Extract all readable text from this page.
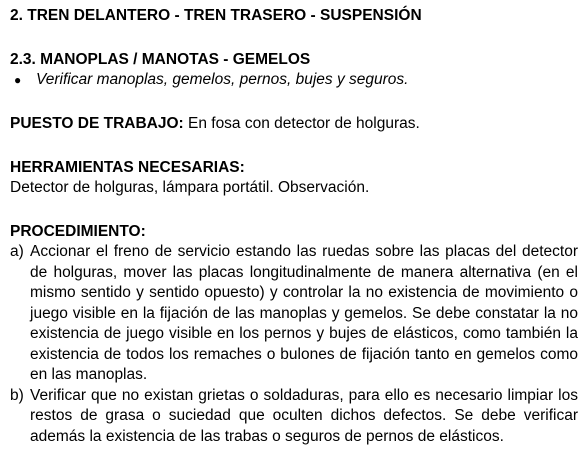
2. TREN DELANTERO - TREN TRASERO - SUSPENSIÓN
2.3. MANOPLAS / MANOTAS - GEMELOS
● Verificar manoplas, gemelos, pernos, bujes y seguros.
PUESTO DE TRABAJO: En fosa con detector de holguras.
HERRAMIENTAS NECESARIAS:
Detector de holguras, lámpara portátil. Observación.
PROCEDIMIENTO:
a) Accionar el freno de servicio estando las ruedas sobre las placas del detector de holguras, mover las placas longitudinalmente de manera alternativa (en el mismo sentido y sentido opuesto) y controlar la no existencia de movimiento o juego visible en la fijación de las manoplas y gemelos. Se debe constatar la no existencia de juego visible en los pernos y bujes de elásticos, como también la existencia de todos los remaches o bulones de fijación tanto en gemelos como en las manoplas.
b) Verificar que no existan grietas o soldaduras, para ello es necesario limpiar los restos de grasa o suciedad que oculten dichos defectos. Se debe verificar además la existencia de las trabas o seguros de pernos de elásticos.
